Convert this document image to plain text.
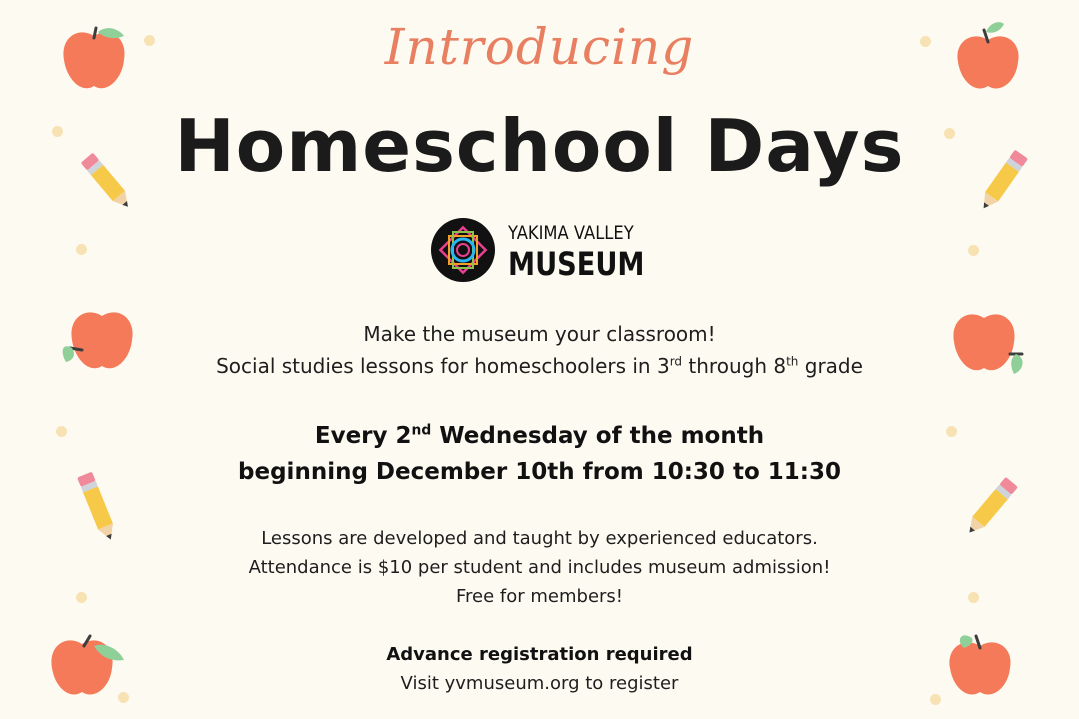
Introducing
Homeschool Days
YAKIMA VALLEY
MUSEUM
Make the museum your classroom!
Social studies lessons for homeschoolers in 3rd through 8th grade
Every 2nd Wednesday of the month
beginning December 10th from 10:30 to 11:30
Lessons are developed and taught by experienced educators.
Attendance is $10 per student and includes museum admission!
Free for members!
Advance registration required
Visit yvmuseum.org to register
